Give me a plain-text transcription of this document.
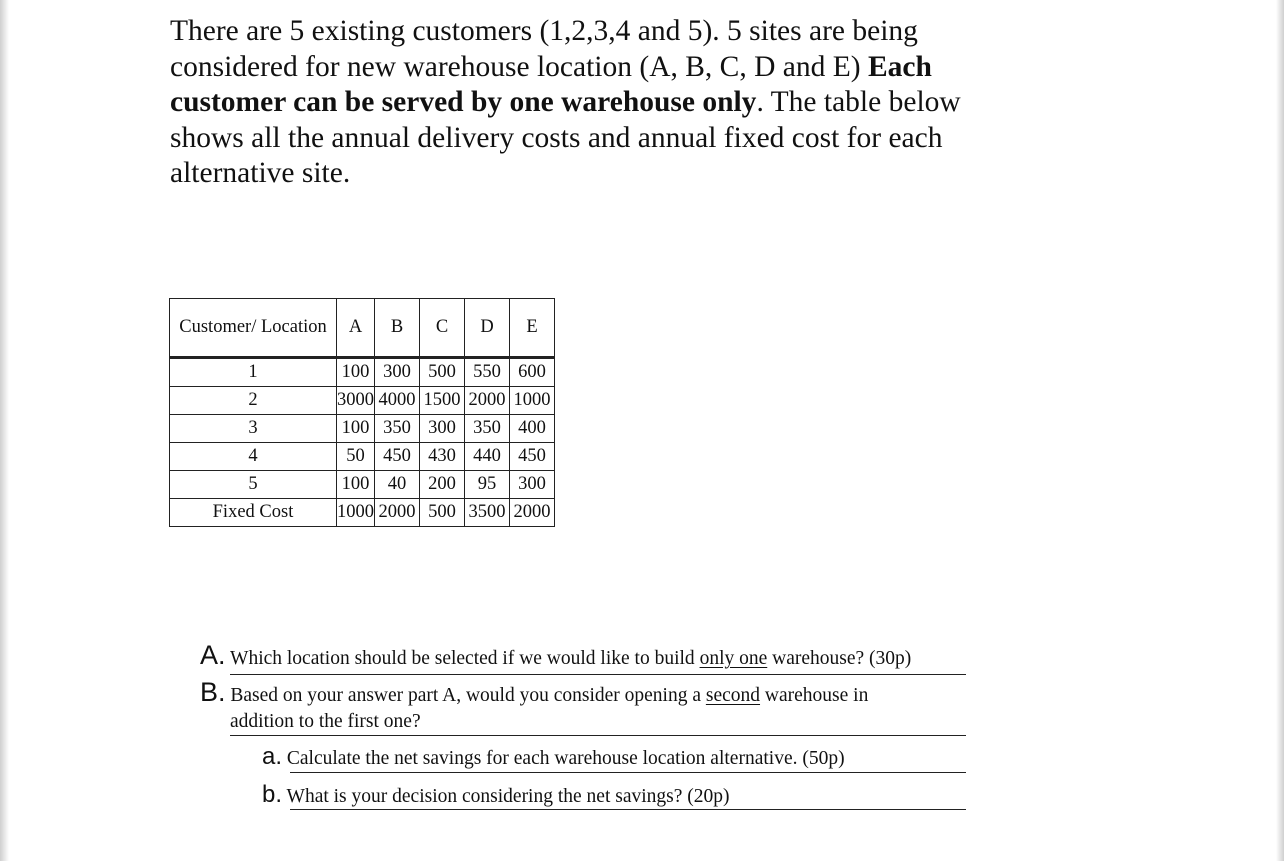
There are 5 existing customers (1,2,3,4 and 5). 5 sites are being considered for new warehouse location (A, B, C, D and E) Each customer can be served by one warehouse only. The table below shows all the annual delivery costs and annual fixed cost for each alternative site.

Customer/ Location	A	B	C	D	E
1	100	300	500	550	600
2	3000	4000	1500	2000	1000
3	100	350	300	350	400
4	50	450	430	440	450
5	100	40	200	95	300
Fixed Cost	1000	2000	500	3500	2000
A. Which location should be selected if we would like to build only one warehouse? (30p)
B. Based on your answer part A, would you consider opening a second warehouse in
addition to the first one?
a. Calculate the net savings for each warehouse location alternative. (50p)
b. What is your decision considering the net savings? (20p)
